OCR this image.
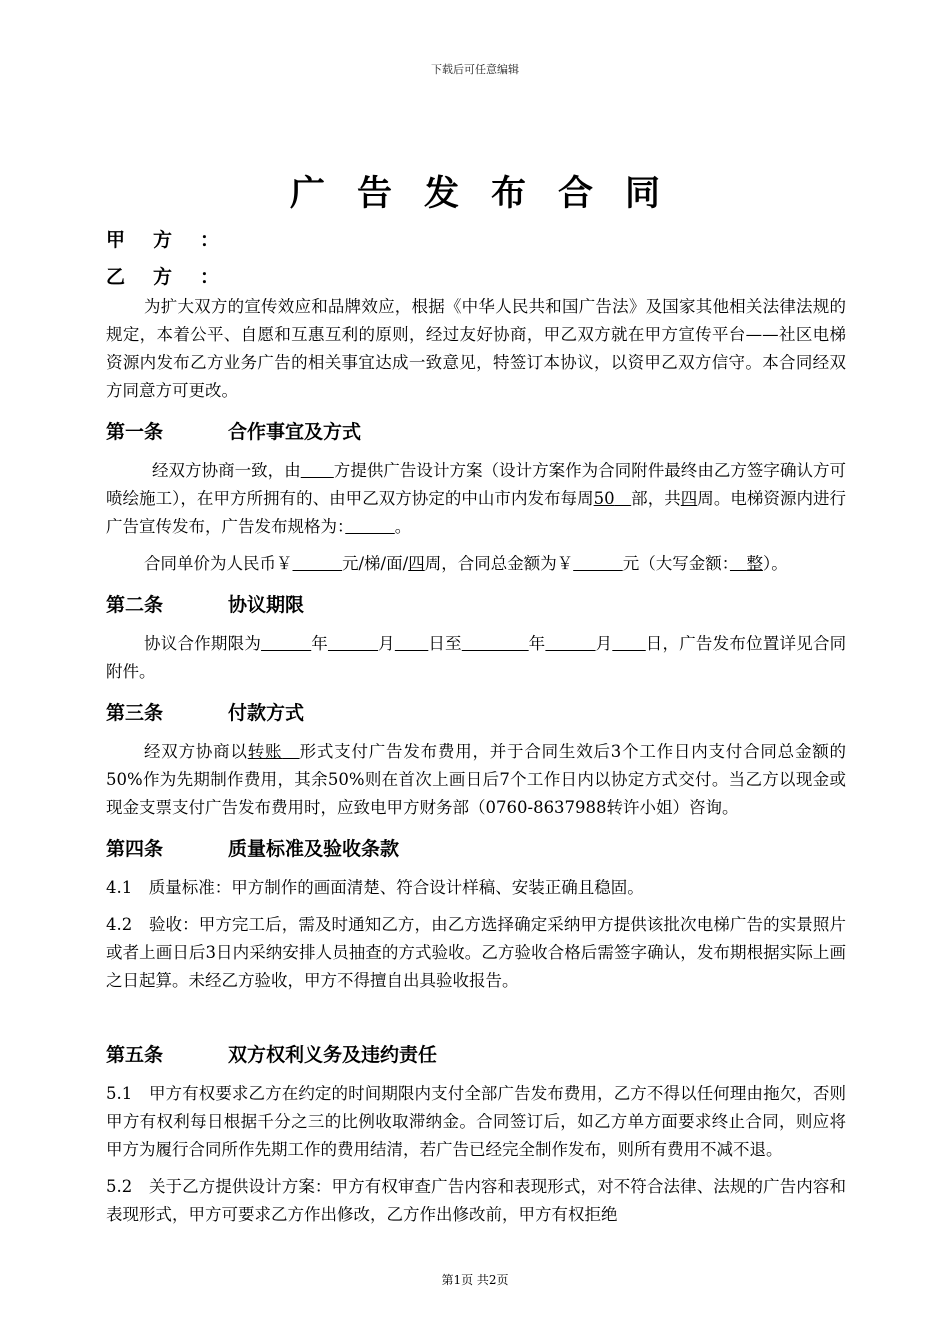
下载后可任意编辑
广告发布合同
甲方：
乙方：

为扩大双方的宣传效应和品牌效应，根据《中华人民共和国广告法》及国家其他相关法律法规的规定，本着公平、自愿和互惠互利的原则，经过友好协商，甲乙双方就在甲方宣传平台——社区电梯资源内发布乙方业务广告的相关事宜达成一致意见，特签订本协议，以资甲乙双方信守。本合同经双方同意方可更改。

第一条	合作事宜及方式

经双方协商一致，由　　 方提供广告设计方案（设计方案作为合同附件最终由乙方签字确认方可喷绘施工），在甲方所拥有的、由甲乙双方协定的中山市内发布每周50　 部，共四周。电梯资源内进行广告宣传发布，广告发布规格为：　　　	。

合同单价为人民币￥　　　	元/梯/面/四周，合同总金额为￥　　　	元（大写金额：　 整）。

第二条	协议期限

协议合作期限为　　　	年　　　	月　　 日至　　　　	年　　　	月　　 日，广告发布位置详见合同附件。

第三条	付款方式

经双方协商以转账　 形式支付广告发布费用，并于合同生效后3个工作日内支付合同总金额的50%作为先期制作费用，其余50%则在首次上画日后7个工作日内以协定方式交付。当乙方以现金或现金支票支付广告发布费用时，应致电甲方财务部（0760-8637988转许小姐）咨询。

第四条	质量标准及验收条款

4.1　质量标准：甲方制作的画面清楚、符合设计样稿、安装正确且稳固。

4.2　验收：甲方完工后，需及时通知乙方，由乙方选择确定采纳甲方提供该批次电梯广告的实景照片或者上画日后3日内采纳安排人员抽查的方式验收。乙方验收合格后需签字确认，发布期根据实际上画之日起算。未经乙方验收，甲方不得擅自出具验收报告。

第五条	双方权利义务及违约责任

5.1　甲方有权要求乙方在约定的时间期限内支付全部广告发布费用，乙方不得以任何理由拖欠，否则甲方有权利每日根据千分之三的比例收取滞纳金。合同签订后，如乙方单方面要求终止合同，则应将甲方为履行合同所作先期工作的费用结清，若广告已经完全制作发布，则所有费用不减不退。

5.2　关于乙方提供设计方案：甲方有权审查广告内容和表现形式，对不符合法律、法规的广告内容和表现形式，甲方可要求乙方作出修改，乙方作出修改前，甲方有权拒绝

第1页 共2页
